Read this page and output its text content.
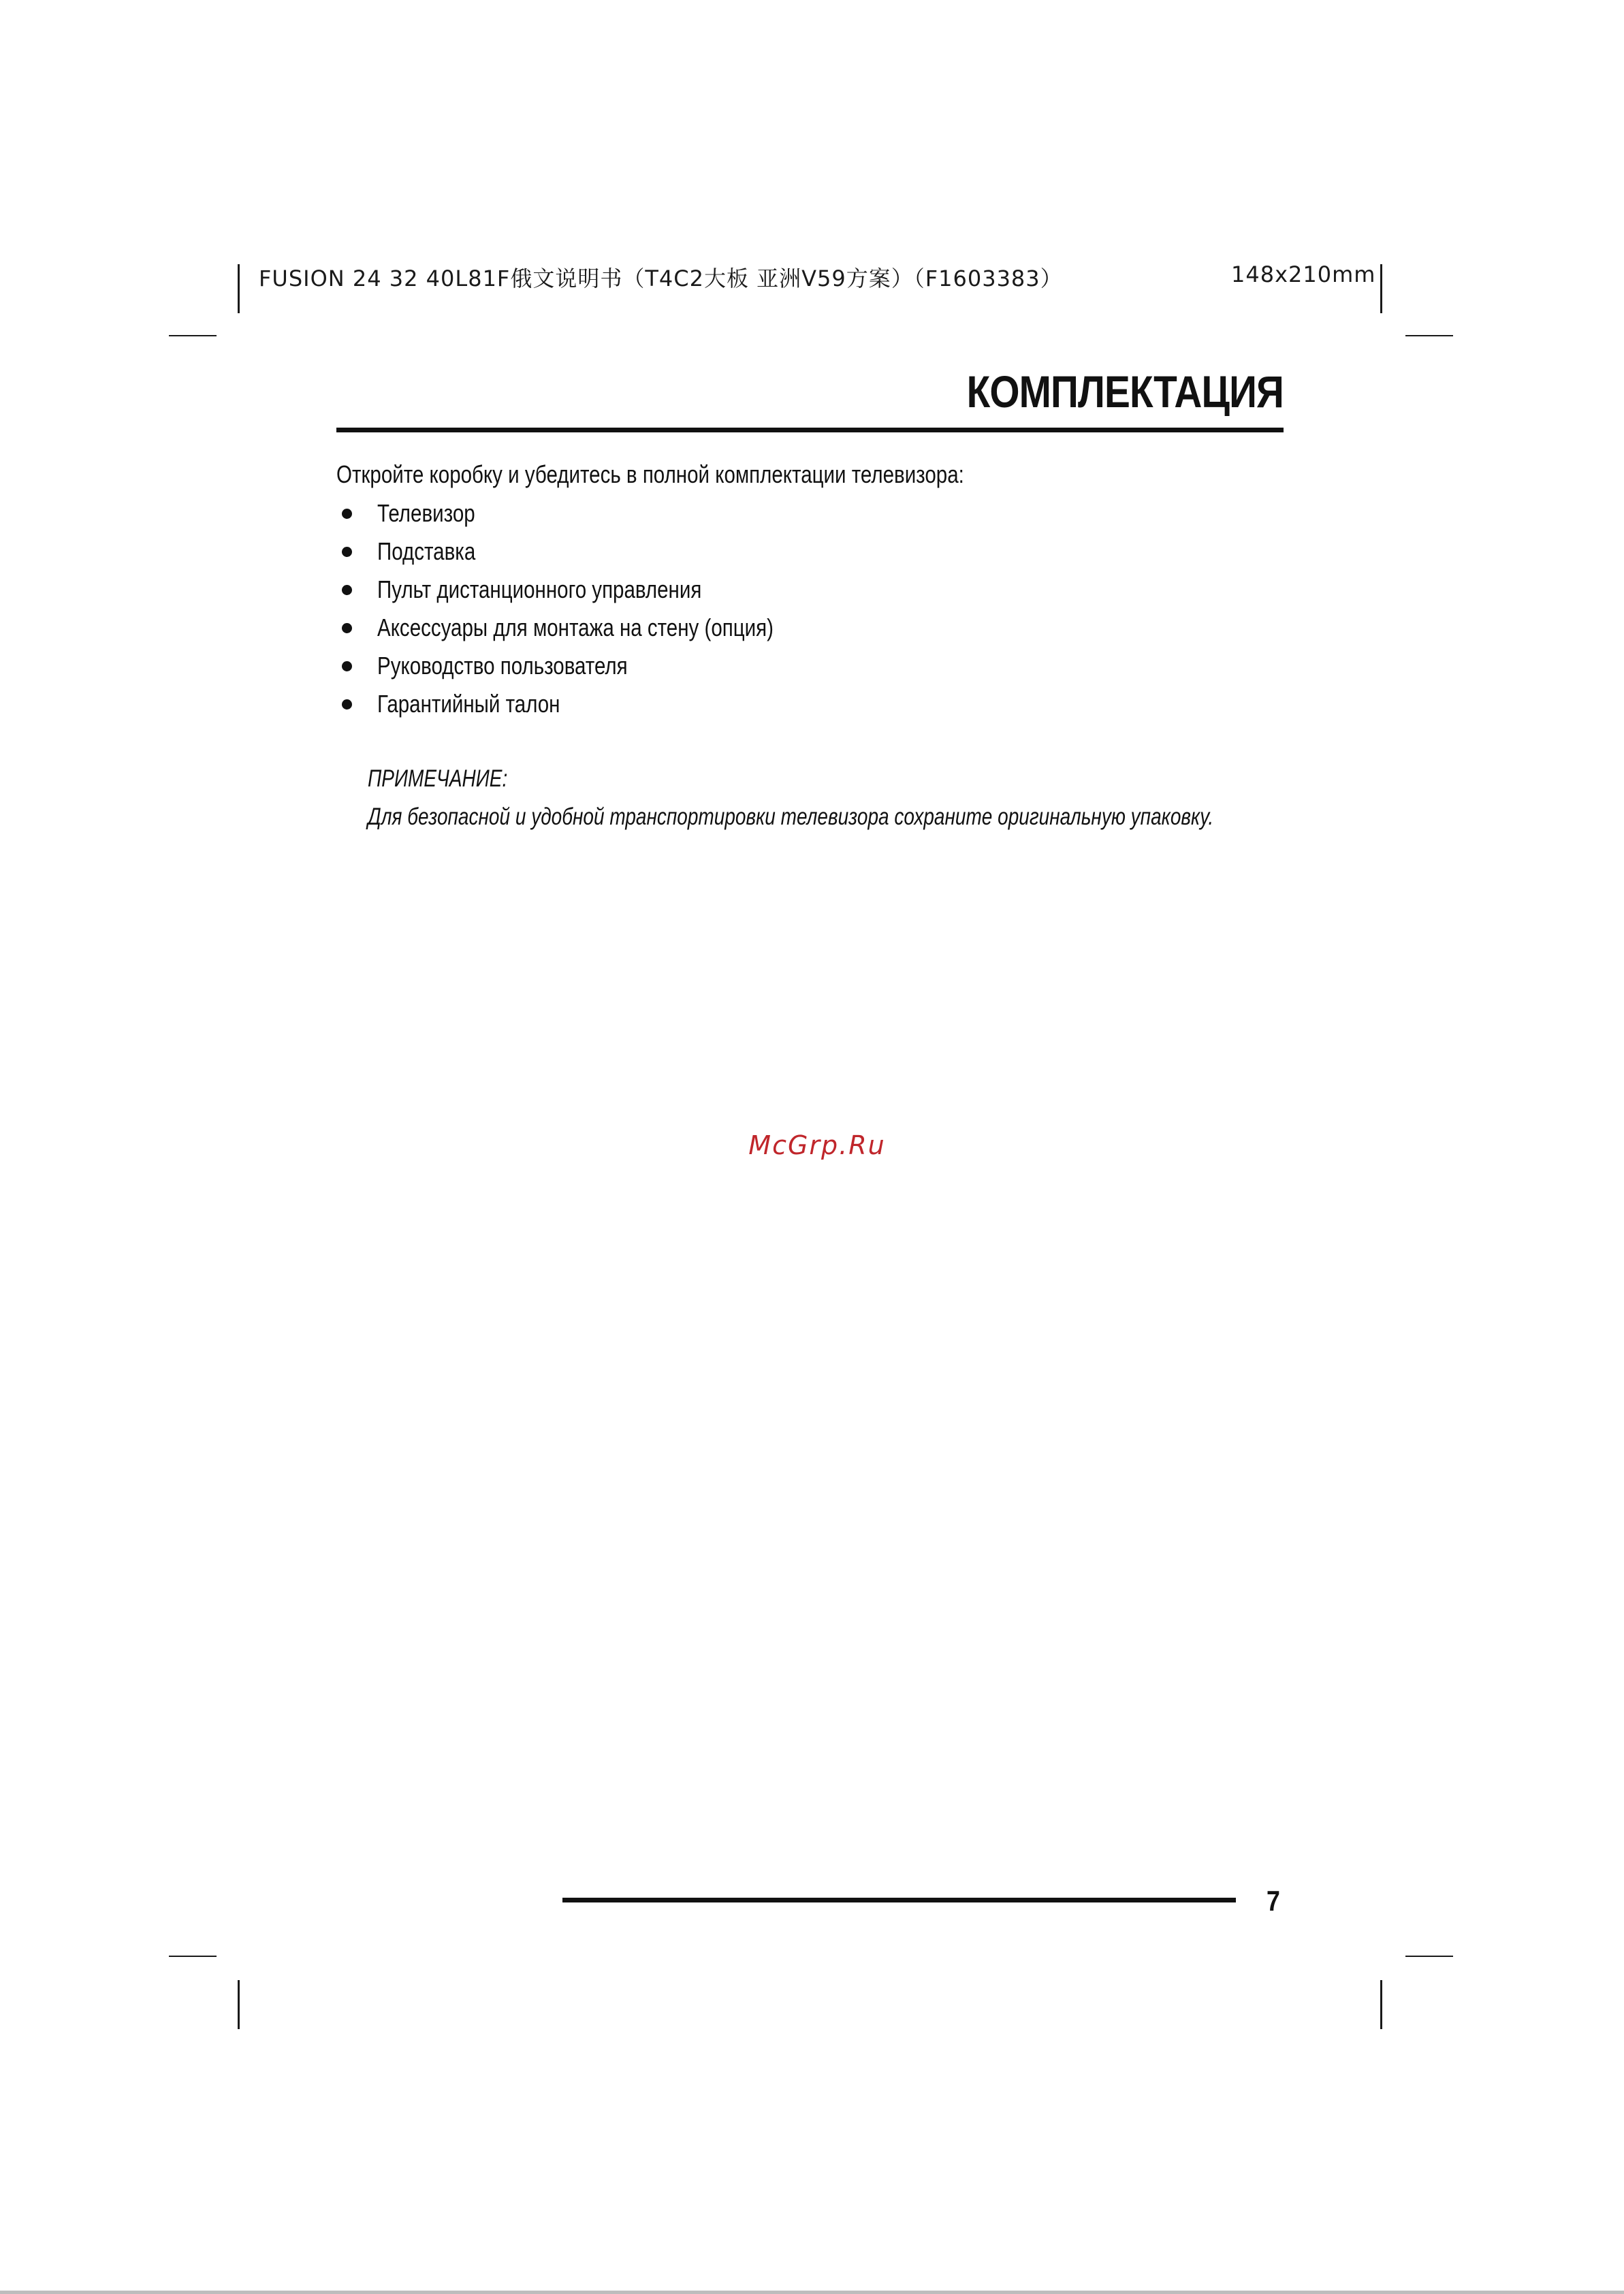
FUSION 24 32 40L81F俄文说明书（T4C2大板 亚洲V59方案）（F1603383）	148x210mm
КОМПЛЕКТАЦИЯ
Откройте коробку и убедитесь в полной комплектации телевизора:
Телевизор
Подставка
Пульт дистанционного управления
Аксессуары для монтажа на стену (опция)
Руководство пользователя
Гарантийный талон
ПРИМЕЧАНИЕ:
Для безопасной и удобной транспортировки телевизора сохраните оригинальную упаковку.
McGrp.Ru
7
